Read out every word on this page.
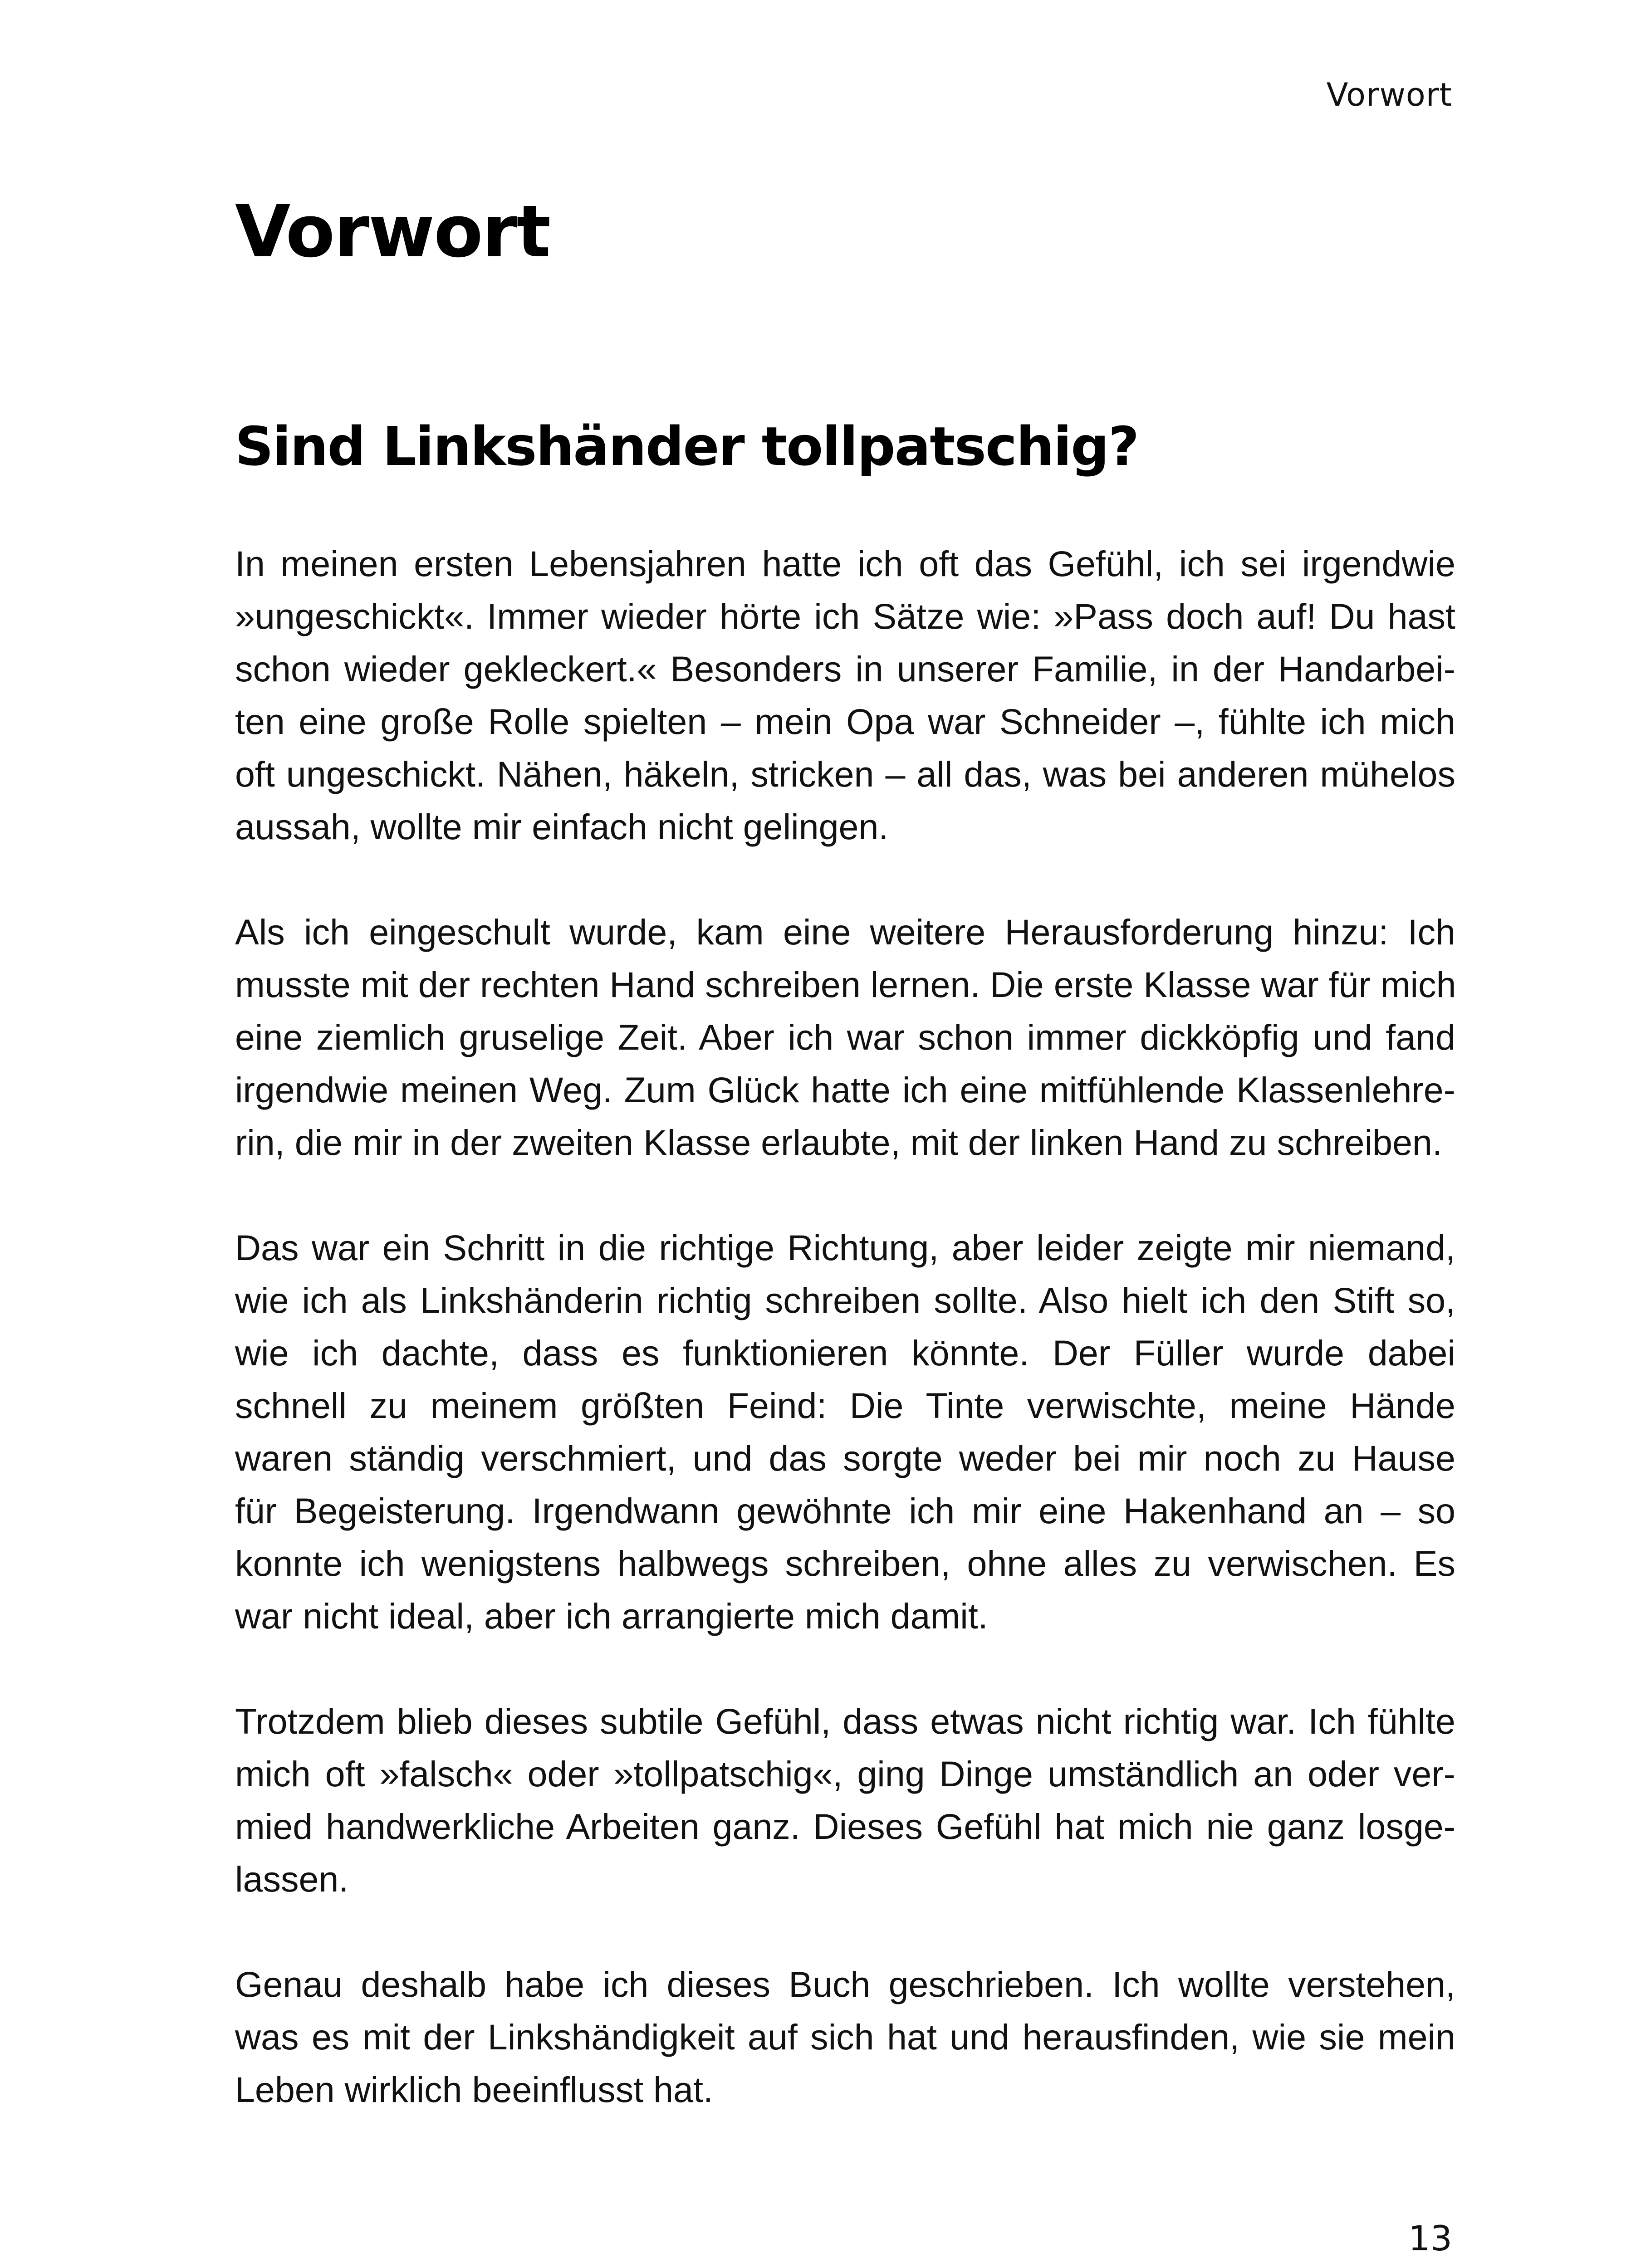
Vorwort
Vorwort
Sind Linkshänder tollpatschig?

In meinen ersten Lebensjahren hatte ich oft das Gefühl, ich sei irgendwie
»ungeschickt«. Immer wieder hörte ich Sätze wie: »Pass doch auf! Du hast
schon wieder gekleckert.« Besonders in unserer Familie, in der Handarbei-
ten eine große Rolle spielten – mein Opa war Schneider –, fühlte ich mich
oft ungeschickt. Nähen, häkeln, stricken – all das, was bei anderen mühelos
aussah, wollte mir einfach nicht gelingen.

Als ich eingeschult wurde, kam eine weitere Herausforderung hinzu: Ich
musste mit der rechten Hand schreiben lernen. Die erste Klasse war für mich
eine ziemlich gruselige Zeit. Aber ich war schon immer dickköpfig und fand
irgendwie meinen Weg. Zum Glück hatte ich eine mitfühlende Klassenlehre-
rin, die mir in der zweiten Klasse erlaubte, mit der linken Hand zu schreiben.

Das war ein Schritt in die richtige Richtung, aber leider zeigte mir niemand,
wie ich als Linkshänderin richtig schreiben sollte. Also hielt ich den Stift so,
wie ich dachte, dass es funktionieren könnte. Der Füller wurde dabei
schnell zu meinem größten Feind: Die Tinte verwischte, meine Hände
waren ständig verschmiert, und das sorgte weder bei mir noch zu Hause
für Begeisterung. Irgendwann gewöhnte ich mir eine Hakenhand an – so
konnte ich wenigstens halbwegs schreiben, ohne alles zu verwischen. Es
war nicht ideal, aber ich arrangierte mich damit.

Trotzdem blieb dieses subtile Gefühl, dass etwas nicht richtig war. Ich fühlte
mich oft »falsch« oder »tollpatschig«, ging Dinge umständlich an oder ver-
mied handwerkliche Arbeiten ganz. Dieses Gefühl hat mich nie ganz losge-
lassen.

Genau deshalb habe ich dieses Buch geschrieben. Ich wollte verstehen,
was es mit der Linkshändigkeit auf sich hat und herausfinden, wie sie mein
Leben wirklich beeinflusst hat.

13
